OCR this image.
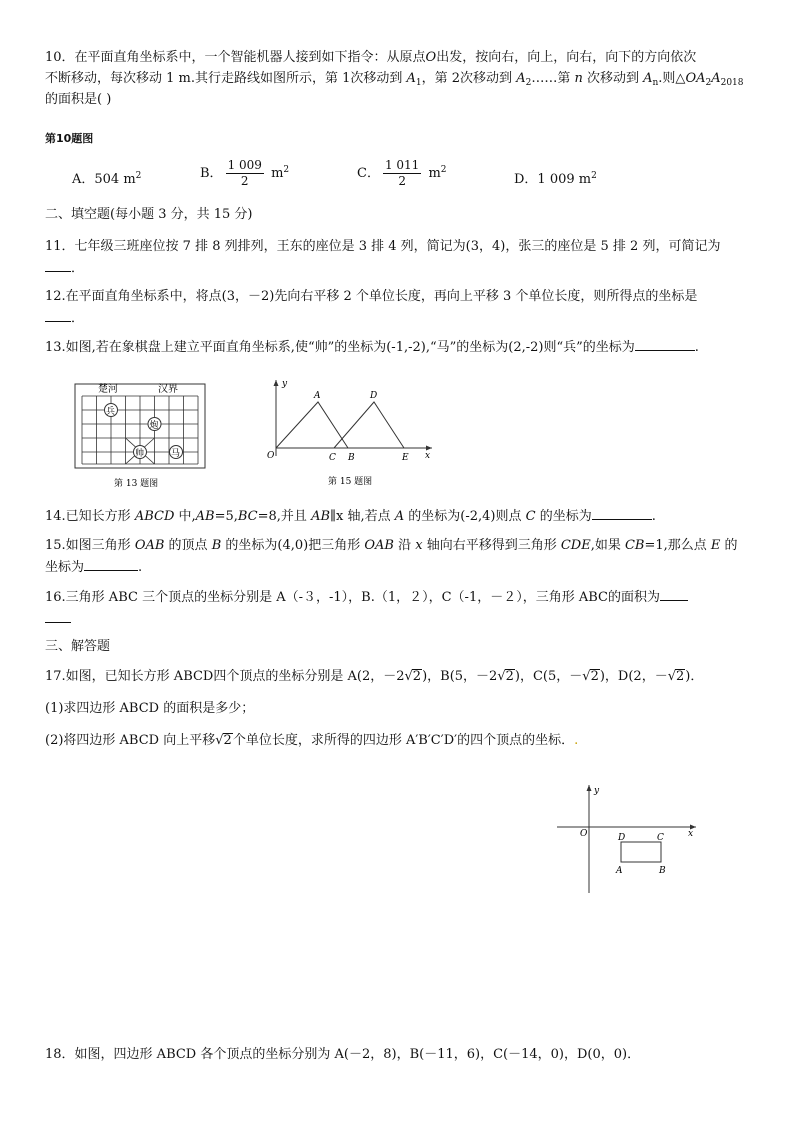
10．在平面直角坐标系中，一个智能机器人接到如下指令：从原点O出发，按向右，向上，向右，向下的方向依次
不断移动，每次移动 1 m.其行走路线如图所示，第 1次移动到 $A_1$，第 2次移动到 $A_2\dots\dots$第 n 次移动到 $A_n$.则$\triangle OA_2A_{2018}$
的面积是( )
第10题图
A．504 $m^2$	B． $\frac{1 009}{2} m^2$	C． $\frac{1 011}{2} m^2$
D．1 009 $m^2$
二、填空题(每小题 3 分，共 15 分)
11．七年级三班座位按 7 排 8 列排列，王东的座位是 3 排 4 列，简记为(3，4)，张三的座位是 5 排 2 列，可简记为
．
12.在平面直角坐标系中，将点(3，－2)先向右平移 2 个单位长度，再向上平移 3 个单位长度，则所得点的坐标是
．
13.如图,若在象棋盘上建立平面直角坐标系,使“帅”的坐标为(-1,-2),“马”的坐标为(2,-2)则“兵”的坐标为	.
楚河	汉界
兵
炮
帅	马
第 13 题图
y
x
O
A	D
C B	E
第 15 题图
14.已知长方形 ABCD 中,AB=5,BC=8,并且 AB∥x 轴,若点 A 的坐标为(-2,4)则点 C 的坐标为	.
15.如图三角形 OAB 的顶点 B 的坐标为(4,0)把三角形 OAB 沿 x 轴向右平移得到三角形 CDE,如果 CB=1,那么点 E 的
坐标为	.
16.三角形 ABC 三个顶点的坐标分别是 A（-３，-1），B.（1，２），C（-1，－２），三角形 ABC的面积为
三、解答题
17.如图，已知长方形 ABCD四个顶点的坐标分别是 A(2，－2√2)，B(5，－2√2)，C(5，－√2)，D(2，－√2)．
(1)求四边形 ABCD 的面积是多少；
(2)将四边形 ABCD 向上平移√2个单位长度，求所得的四边形 A′B′C′D′的四个顶点的坐标．.
y
x
O	D	C
A	B
18．如图，四边形 ABCD 各个顶点的坐标分别为 A(－2，8)，B(－11，6)，C(－14，0)，D(0，0)．
